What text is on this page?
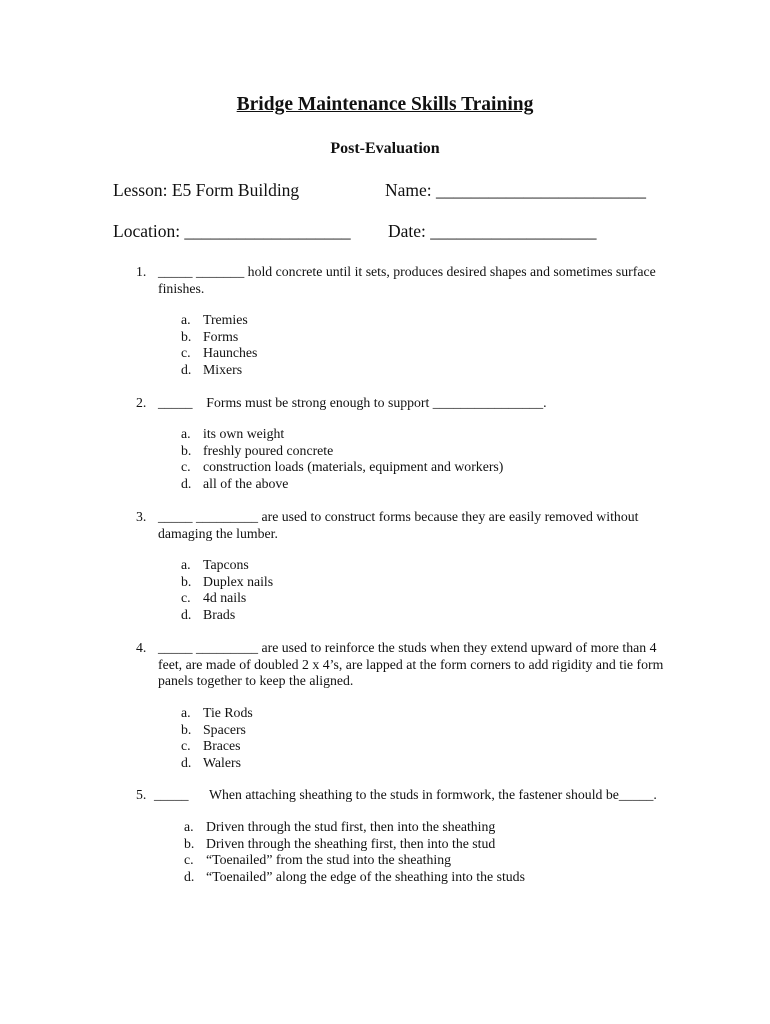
Bridge Maintenance Skills Training
Post-Evaluation
Lesson: E5 Form Building	Name: ________________________
Location: ___________________ Date: ___________________
1. _____ _______ hold concrete until it sets, produces desired shapes and sometimes surface finishes.
a. Tremies
b. Forms
c. Haunches
d. Mixers
2. _____    Forms must be strong enough to support ________________.
a. its own weight
b. freshly poured concrete
c. construction loads (materials, equipment and workers)
d. all of the above
3. _____ _________ are used to construct forms because they are easily removed without damaging the lumber.
a. Tapcons
b. Duplex nails
c. 4d nails
d. Brads
4. _____ _________ are used to reinforce the studs when they extend upward of more than 4 feet, are made of doubled 2 x 4’s, are lapped at the form corners to add rigidity and tie form panels together to keep the aligned.
a. Tie Rods
b. Spacers
c. Braces
d. Walers
5. _____      When attaching sheathing to the studs in formwork, the fastener should be_____.
a. Driven through the stud first, then into the sheathing
b. Driven through the sheathing first, then into the stud
c. “Toenailed” from the stud into the sheathing
d. “Toenailed” along the edge of the sheathing into the studs
